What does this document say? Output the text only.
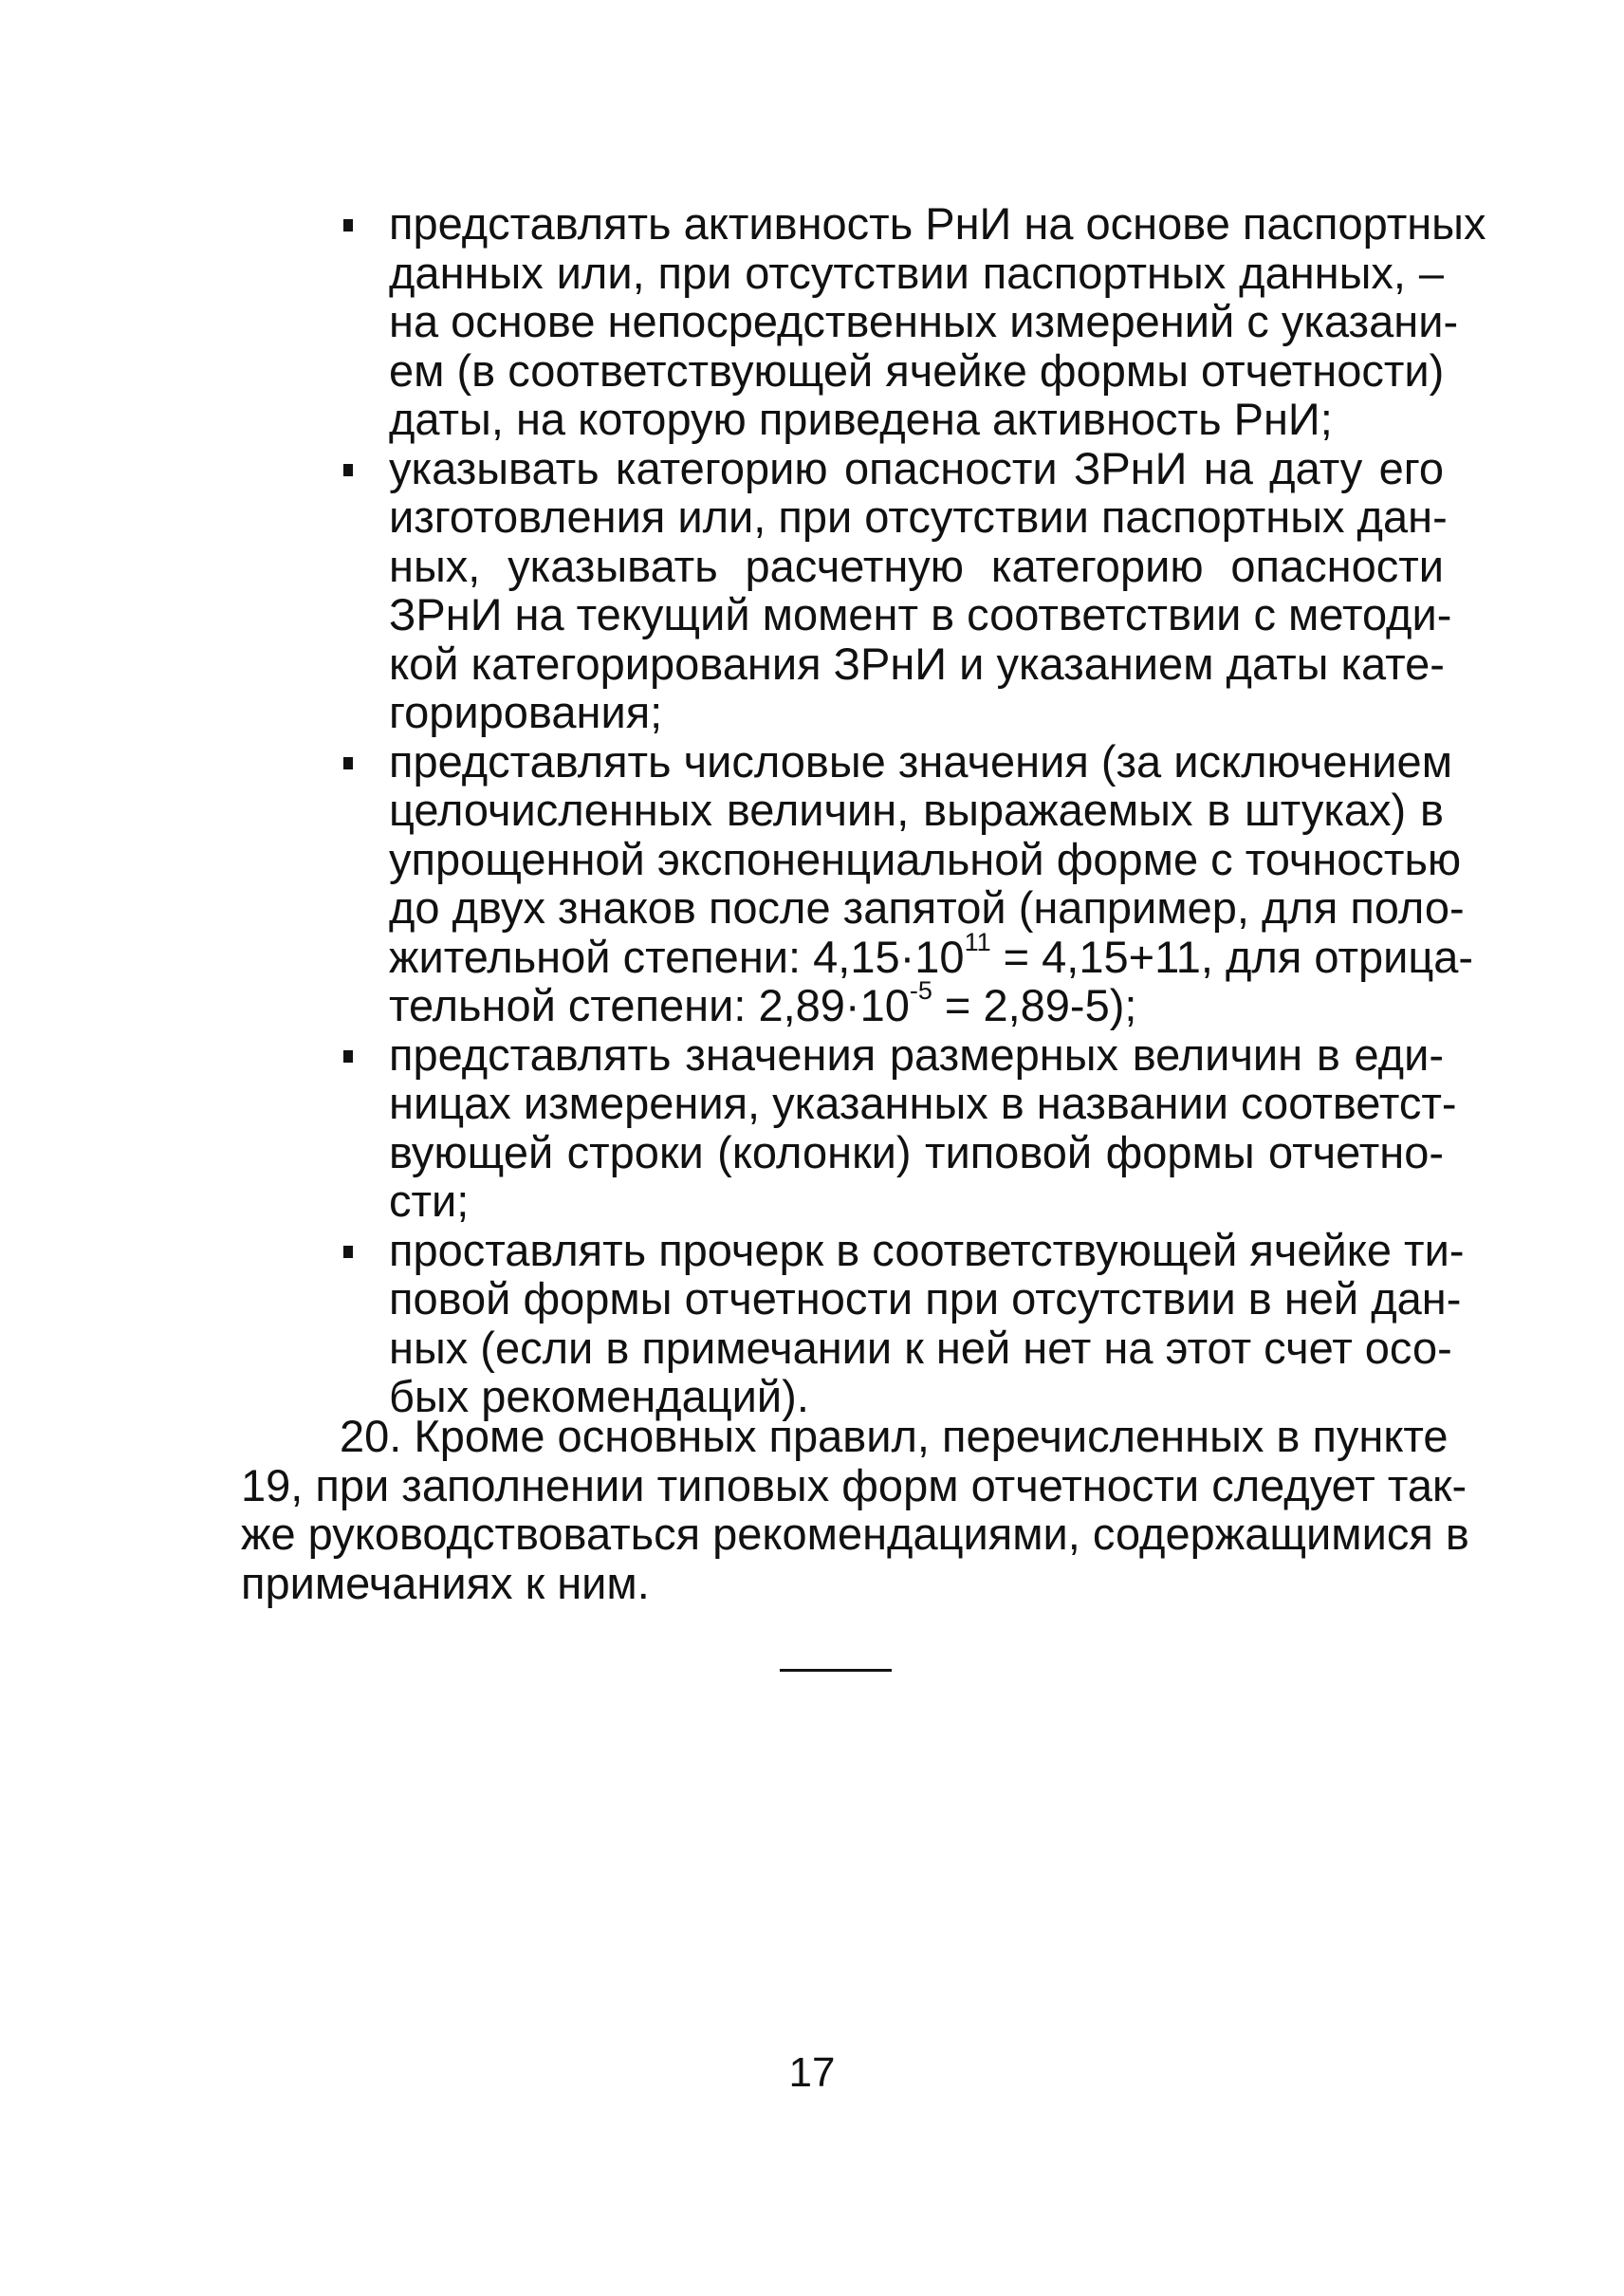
представлять активность РнИ на основе паспортных
данных или, при отсутствии паспортных данных, –
на основе непосредственных измерений с указани-
ем (в соответствующей ячейке формы отчетности)
даты, на которую приведена активность РнИ;
указывать категорию опасности ЗРнИ на дату его
изготовления или, при отсутствии паспортных дан-
ных, указывать расчетную категорию опасности
ЗРнИ на текущий момент в соответствии с методи-
кой категорирования ЗРнИ и указанием даты кате-
горирования;
представлять числовые значения (за исключением
целочисленных величин, выражаемых в штуках) в
упрощенной экспоненциальной форме с точностью
до двух знаков после запятой (например, для поло-
жительной степени: $4,15\cdot 10^{11} = 4,15+11$, для отрица-
тельной степени: $2,89\cdot 10^{-5} = 2,89-5$);
представлять значения размерных величин в еди-
ницах измерения, указанных в названии соответст-
вующей строки (колонки) типовой формы отчетно-
сти;
проставлять прочерк в соответствующей ячейке ти-
повой формы отчетности при отсутствии в ней дан-
ных (если в примечании к ней нет на этот счет осо-
бых рекомендаций).
20. Кроме основных правил, перечисленных в пункте
19, при заполнении типовых форм отчетности следует так-
же руководствоваться рекомендациями, содержащимися в
примечаниях к ним.
17
